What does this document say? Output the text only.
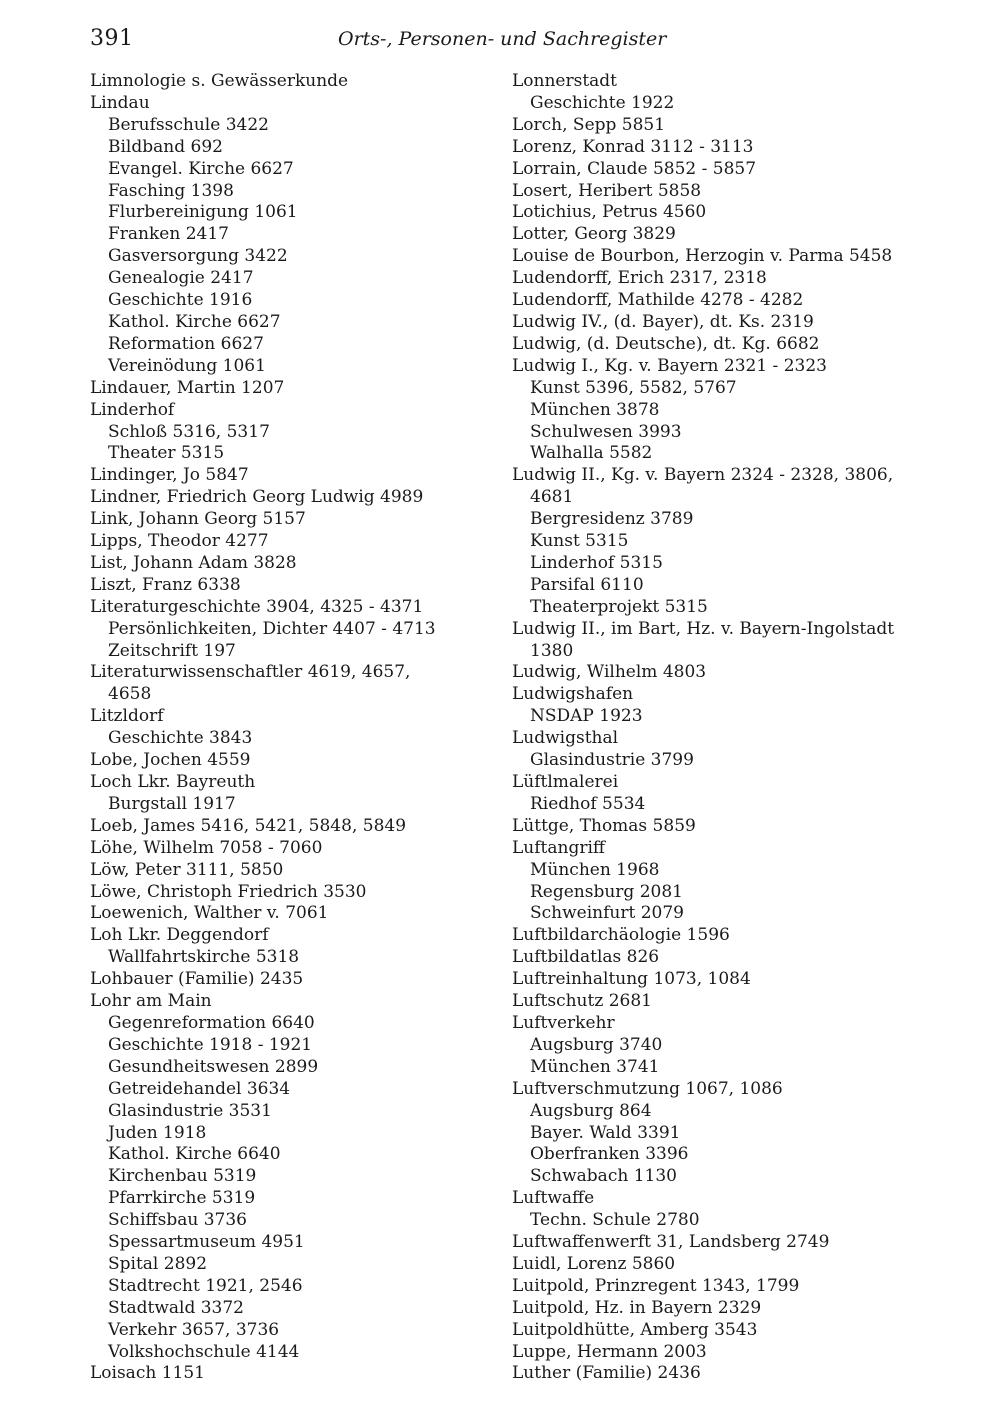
391	Orts-, Personen- und Sachregister
Limnologie s. Gewässerkunde
Lindau
Berufsschule 3422
Bildband 692
Evangel. Kirche 6627
Fasching 1398
Flurbereinigung 1061
Franken 2417
Gasversorgung 3422
Genealogie 2417
Geschichte 1916
Kathol. Kirche 6627
Reformation 6627
Vereinödung 1061
Lindauer, Martin 1207
Linderhof
Schloß 5316, 5317
Theater 5315
Lindinger, Jo 5847
Lindner, Friedrich Georg Ludwig 4989
Link, Johann Georg 5157
Lipps, Theodor 4277
List, Johann Adam 3828
Liszt, Franz 6338
Literaturgeschichte 3904, 4325 - 4371
Persönlichkeiten, Dichter 4407 - 4713
Zeitschrift 197
Literaturwissenschaftler 4619, 4657,
4658
Litzldorf
Geschichte 3843
Lobe, Jochen 4559
Loch Lkr. Bayreuth
Burgstall 1917
Loeb, James 5416, 5421, 5848, 5849
Löhe, Wilhelm 7058 - 7060
Löw, Peter 3111, 5850
Löwe, Christoph Friedrich 3530
Loewenich, Walther v. 7061
Loh Lkr. Deggendorf
Wallfahrtskirche 5318
Lohbauer (Familie) 2435
Lohr am Main
Gegenreformation 6640
Geschichte 1918 - 1921
Gesundheitswesen 2899
Getreidehandel 3634
Glasindustrie 3531
Juden 1918
Kathol. Kirche 6640
Kirchenbau 5319
Pfarrkirche 5319
Schiffsbau 3736
Spessartmuseum 4951
Spital 2892
Stadtrecht 1921, 2546
Stadtwald 3372
Verkehr 3657, 3736
Volkshochschule 4144
Loisach 1151
Lonnerstadt
Geschichte 1922
Lorch, Sepp 5851
Lorenz, Konrad 3112 - 3113
Lorrain, Claude 5852 - 5857
Losert, Heribert 5858
Lotichius, Petrus 4560
Lotter, Georg 3829
Louise de Bourbon, Herzogin v. Parma 5458
Ludendorff, Erich 2317, 2318
Ludendorff, Mathilde 4278 - 4282
Ludwig IV., (d. Bayer), dt. Ks. 2319
Ludwig, (d. Deutsche), dt. Kg. 6682
Ludwig I., Kg. v. Bayern 2321 - 2323
Kunst 5396, 5582, 5767
München 3878
Schulwesen 3993
Walhalla 5582
Ludwig II., Kg. v. Bayern 2324 - 2328, 3806,
4681
Bergresidenz 3789
Kunst 5315
Linderhof 5315
Parsifal 6110
Theaterprojekt 5315
Ludwig II., im Bart, Hz. v. Bayern-Ingolstadt
1380
Ludwig, Wilhelm 4803
Ludwigshafen
NSDAP 1923
Ludwigsthal
Glasindustrie 3799
Lüftlmalerei
Riedhof 5534
Lüttge, Thomas 5859
Luftangriff
München 1968
Regensburg 2081
Schweinfurt 2079
Luftbildarchäologie 1596
Luftbildatlas 826
Luftreinhaltung 1073, 1084
Luftschutz 2681
Luftverkehr
Augsburg 3740
München 3741
Luftverschmutzung 1067, 1086
Augsburg 864
Bayer. Wald 3391
Oberfranken 3396
Schwabach 1130
Luftwaffe
Techn. Schule 2780
Luftwaffenwerft 31, Landsberg 2749
Luidl, Lorenz 5860
Luitpold, Prinzregent 1343, 1799
Luitpold, Hz. in Bayern 2329
Luitpoldhütte, Amberg 3543
Luppe, Hermann 2003
Luther (Familie) 2436
